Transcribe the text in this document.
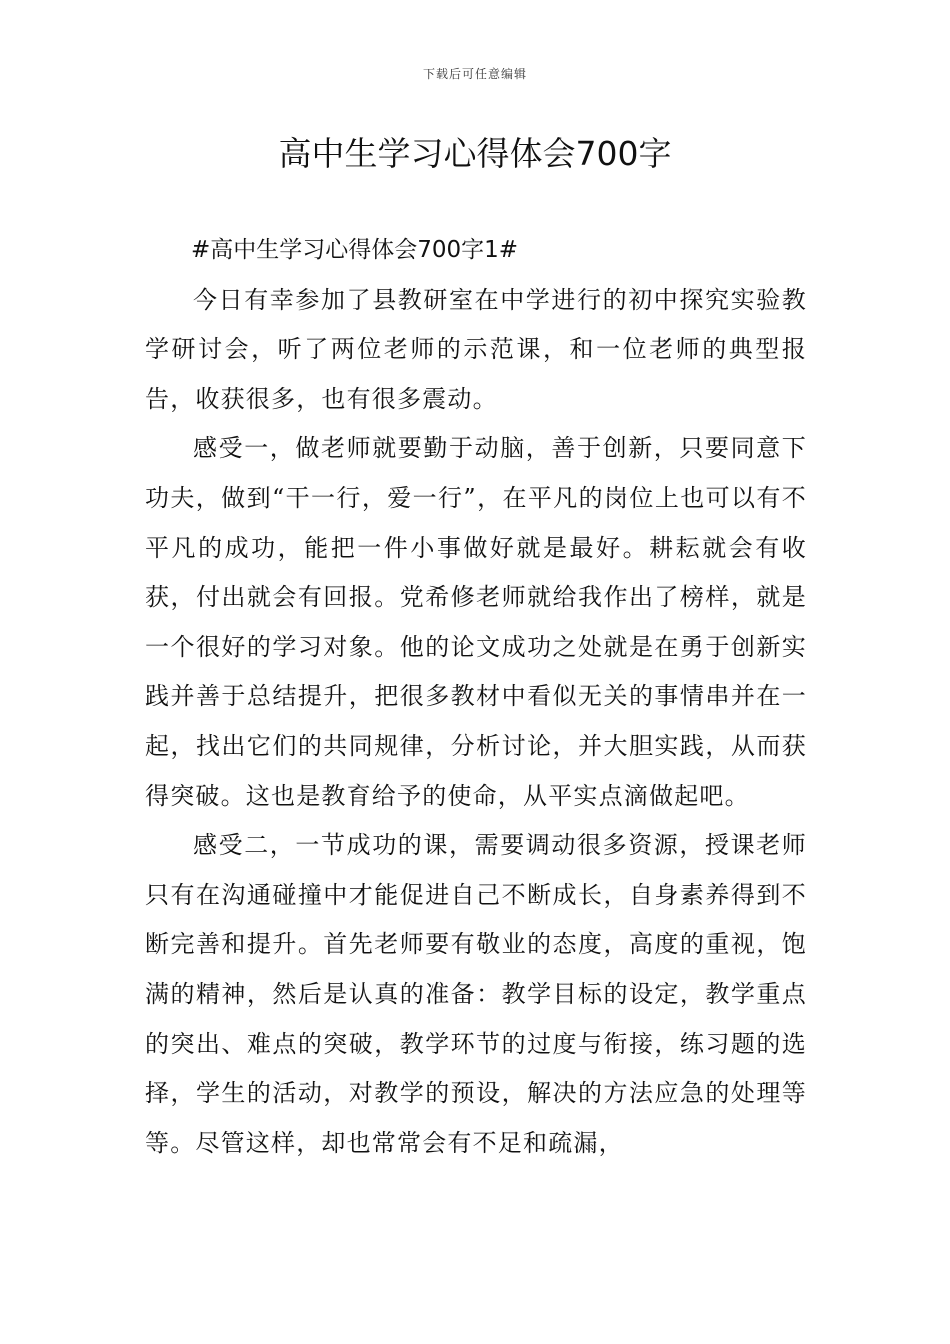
下载后可任意编辑
高中生学习心得体会700字

#高中生学习心得体会700字1#

今日有幸参加了县教研室在中学进行的初中探究实验教学研讨会，听了两位老师的示范课，和一位老师的典型报告，收获很多，也有很多震动。

感受一，做老师就要勤于动脑，善于创新，只要同意下功夫，做到“干一行，爱一行”，在平凡的岗位上也可以有不平凡的成功，能把一件小事做好就是最好。耕耘就会有收获，付出就会有回报。党希修老师就给我作出了榜样，就是一个很好的学习对象。他的论文成功之处就是在勇于创新实践并善于总结提升，把很多教材中看似无关的事情串并在一起，找出它们的共同规律，分析讨论，并大胆实践，从而获得突破。这也是教育给予的使命，从平实点滴做起吧。

感受二，一节成功的课，需要调动很多资源，授课老师只有在沟通碰撞中才能促进自己不断成长，自身素养得到不断完善和提升。首先老师要有敬业的态度，高度的重视，饱满的精神，然后是认真的准备：教学目标的设定，教学重点的突出、难点的突破，教学环节的过度与衔接，练习题的选择，学生的活动，对教学的预设，解决的方法应急的处理等等。尽管这样，却也常常会有不足和疏漏，
